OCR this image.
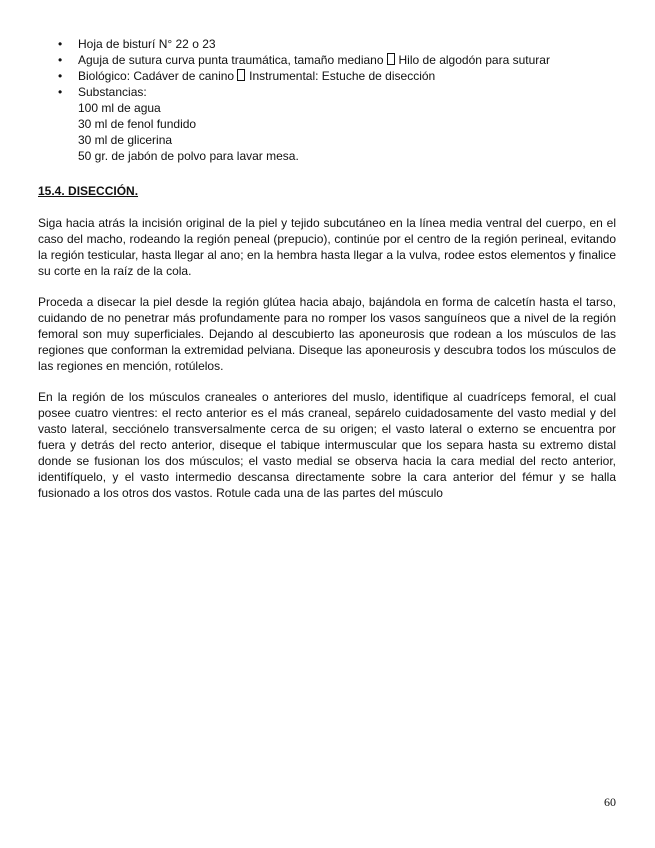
•	Hoja de bisturí N° 22 o 23
•	Aguja de sutura curva punta traumática, tamaño mediano Hilo de algodón para suturar
•	Biológico: Cadáver de canino Instrumental: Estuche de disección
•	Substancias:
100 ml de agua
30 ml de fenol fundido
30 ml de glicerina
50 gr. de jabón de polvo para lavar mesa.
15.4. DISECCIÓN.

Siga hacia atrás la incisión original de la piel y tejido subcutáneo en la línea media ventral del cuerpo, en el caso del macho, rodeando la región peneal (prepucio), continúe por el centro de la región perineal, evitando la región testicular, hasta llegar al ano; en la hembra hasta llegar a la vulva, rodee estos elementos y finalice su corte en la raíz de la cola.

Proceda a disecar la piel desde la región glútea hacia abajo, bajándola en forma de calcetín hasta el tarso, cuidando de no penetrar más profundamente para no romper los vasos sanguíneos que a nivel de la región femoral son muy superficiales. Dejando al descubierto las aponeurosis que rodean a los músculos de las regiones que conforman la extremidad pelviana. Diseque las aponeurosis y descubra todos los músculos de las regiones en mención, rotúlelos.

En la región de los músculos craneales o anteriores del muslo, identifique al cuadríceps femoral, el cual posee cuatro vientres: el recto anterior es el más craneal, sepárelo cuidadosamente del vasto medial y del vasto lateral, secciónelo transversalmente cerca de su origen; el vasto lateral o externo se encuentra por fuera y detrás del recto anterior, diseque el tabique intermuscular que los separa hasta su extremo distal donde se fusionan los dos músculos; el vasto medial se observa hacia la cara medial del recto anterior, identifíquelo, y el vasto intermedio descansa directamente sobre la cara anterior del fémur y se halla fusionado a los otros dos vastos. Rotule cada una de las partes del músculo

60
